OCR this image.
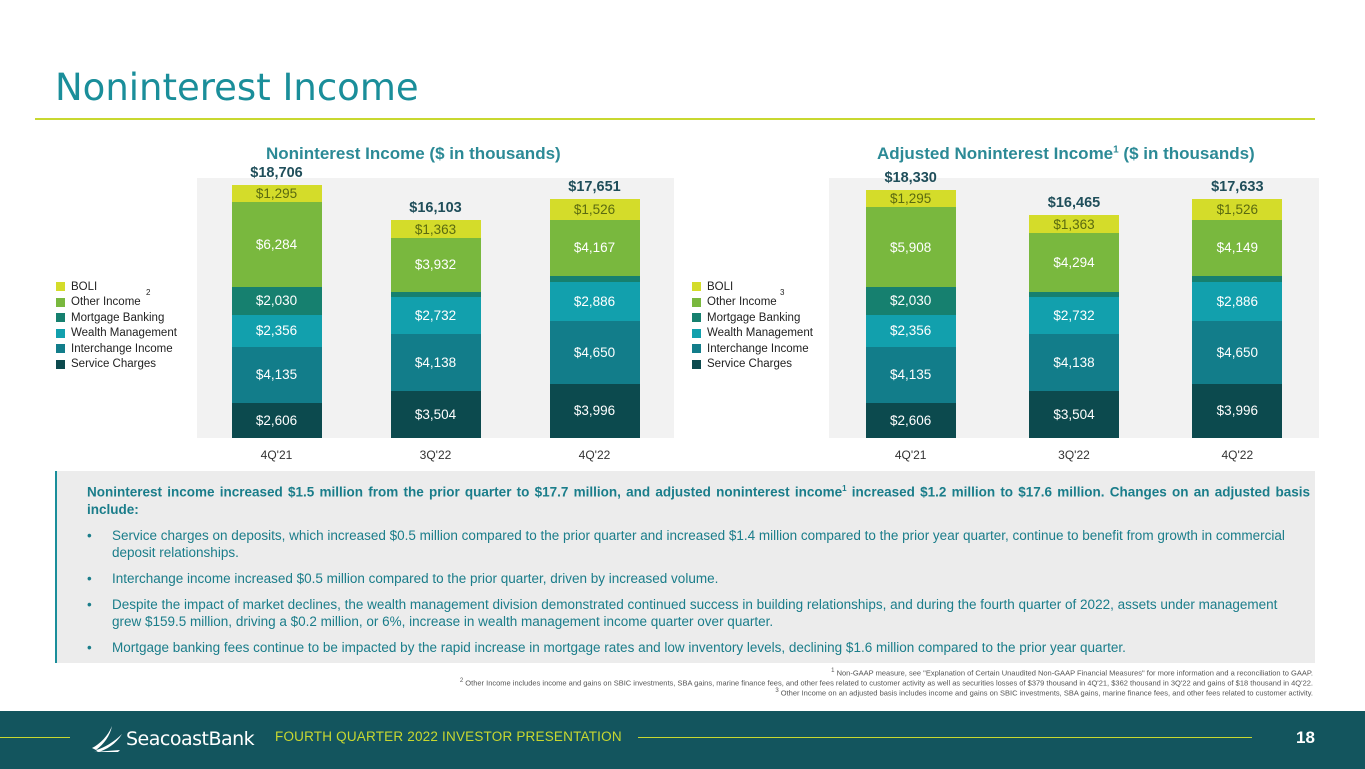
Noninterest Income
Noninterest Income ($ in thousands)
BOLI
Other Income
Mortgage Banking
Wealth Management
Interchange Income
Service Charges
2
$2,606
$4,135
$2,356
$2,030
$6,284
$1,295
$18,706
4Q'21
$3,504
$4,138
$2,732
$3,932
$1,363
$16,103
3Q'22
$3,996
$4,650
$2,886
$4,167
$1,526
$17,651
4Q'22
Adjusted Noninterest Income$^1$ ($ in thousands)
BOLI
Other Income
Mortgage Banking
Wealth Management
Interchange Income
Service Charges
3
$2,606
$4,135
$2,356
$2,030
$5,908
$1,295
$18,330
4Q'21
$3,504
$4,138
$2,732
$4,294
$1,363
$16,465
3Q'22
$3,996
$4,650
$2,886
$4,149
$1,526
$17,633
4Q'22
Noninterest income increased $1.5 million from the prior quarter to $17.7 million, and adjusted noninterest income$^1$ increased $1.2 million to $17.6 million. Changes on an adjusted basis include:
•	Service charges on deposits, which increased $0.5 million compared to the prior quarter and increased $1.4 million compared to the prior year quarter, continue to benefit from growth in commercial deposit relationships.
•	Interchange income increased $0.5 million compared to the prior quarter, driven by increased volume.
•	Despite the impact of market declines, the wealth management division demonstrated continued success in building relationships, and during the fourth quarter of 2022, assets under management grew $159.5 million, driving a $0.2 million, or 6%, increase in wealth management income quarter over quarter.
•	Mortgage banking fees continue to be impacted by the rapid increase in mortgage rates and low inventory levels, declining $1.6 million compared to the prior year quarter.
$^1$ Non-GAAP measure, see "Explanation of Certain Unaudited Non-GAAP Financial Measures" for more information and a reconciliation to GAAP.
$^2$ Other Income includes income and gains on SBIC investments, SBA gains, marine finance fees, and other fees related to customer activity as well as securities losses of $379 thousand in 4Q'21, $362 thousand in 3Q'22 and gains of $18 thousand in 4Q'22.
$^3$ Other Income on an adjusted basis includes income and gains on SBIC investments, SBA gains, marine finance fees, and other fees related to customer activity.
SeacoastBank FOURTH QUARTER 2022 INVESTOR PRESENTATION	18
